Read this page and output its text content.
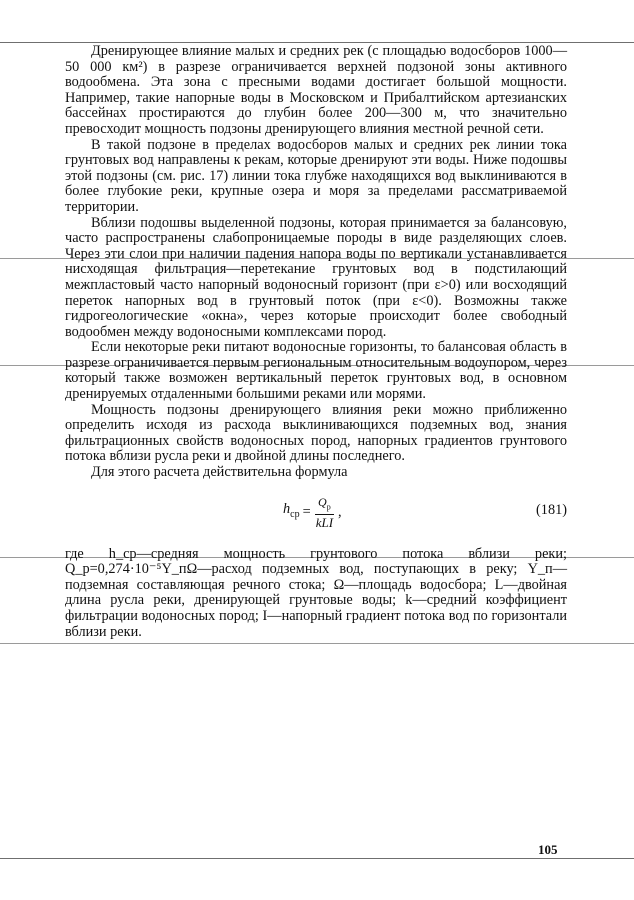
Дренирующее влияние малых и средних рек (с площадью водосборов 1000—50 000 км²) в разрезе ограничивается верхней подзоной зоны активного водообмена. Эта зона с пресными водами достигает большой мощности. Например, такие напорные воды в Московском и Прибалтийском артезианских бассейнах простираются до глубин более 200—300 м, что значительно превосходит мощность подзоны дренирующего влияния местной речной сети.

В такой подзоне в пределах водосборов малых и средних рек линии тока грунтовых вод направлены к рекам, которые дренируют эти воды. Ниже подошвы этой подзоны (см. рис. 17) линии тока глубже находящихся вод выклиниваются в более глубокие реки, крупные озера и моря за пределами рассматриваемой территории.

Вблизи подошвы выделенной подзоны, которая принимается за балансовую, часто распространены слабопроницаемые породы в виде разделяющих слоев. Через эти слои при наличии падения напора воды по вертикали устанавливается нисходящая фильтрация—перетекание грунтовых вод в подстилающий межпластовый часто напорный водоносный горизонт (при ε>0) или восходящий переток напорных вод в грунтовый поток (при ε<0). Возможны также гидрогеологические «окна», через которые происходит более свободный водообмен между водоносными комплексами пород.

Если некоторые реки питают водоносные горизонты, то балансовая область в разрезе ограничивается первым региональным относительным водоупором, через который также возможен вертикальный переток грунтовых вод, в основном дренируемых отдаленными большими реками или морями.

Мощность подзоны дренирующего влияния реки можно приближенно определить исходя из расхода выклинивающихся подземных вод, знания фильтрационных свойств водоносных пород, напорных градиентов грунтового потока вблизи русла реки и двойной длины последнего.

Для этого расчета действительна формула

$h_{ср} = \frac{Q_р}{\text{kLI}}$ ,	(181)

где h_ср—средняя мощность грунтового потока вблизи реки; Q_р=0,274·10⁻⁵Y_пΩ—расход подземных вод, поступающих в реку; Y_п—подземная составляющая речного стока; Ω—площадь водосбора; L—двойная длина русла реки, дренирующей грунтовые воды; k—средний коэффициент фильтрации водоносных пород; I—напорный градиент потока вод по горизонтали вблизи реки.

105
